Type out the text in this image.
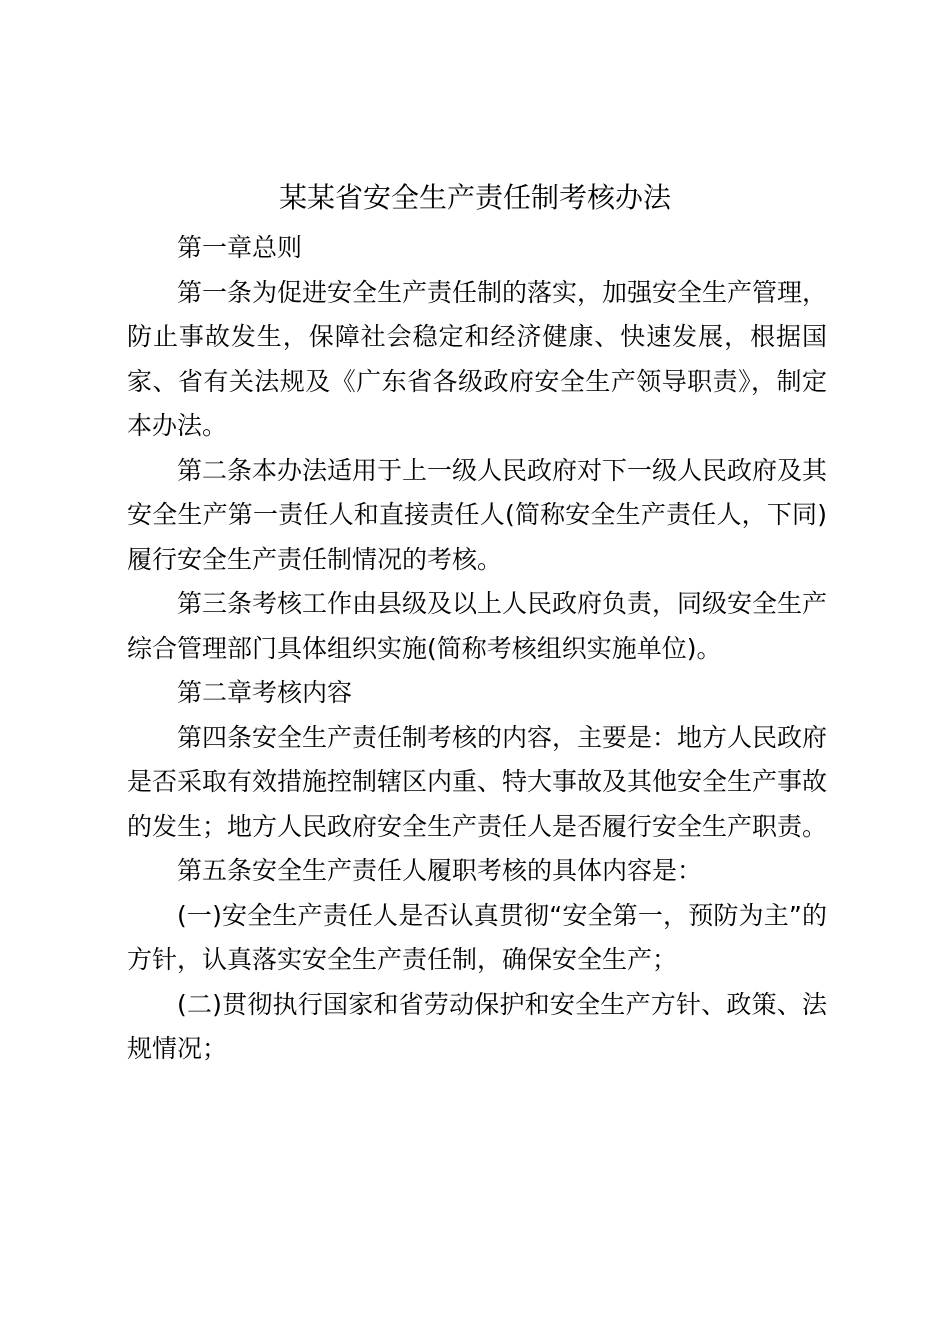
某某省安全生产责任制考核办法

第一章总则

第一条为促进安全生产责任制的落实，加强安全生产管理，防止事故发生，保障社会稳定和经济健康、快速发展，根据国家、省有关法规及《广东省各级政府安全生产领导职责》，制定本办法。

第二条本办法适用于上一级人民政府对下一级人民政府及其安全生产第一责任人和直接责任人(简称安全生产责任人，下同)履行安全生产责任制情况的考核。

第三条考核工作由县级及以上人民政府负责，同级安全生产综合管理部门具体组织实施(简称考核组织实施单位)。

第二章考核内容

第四条安全生产责任制考核的内容，主要是：地方人民政府是否采取有效措施控制辖区内重、特大事故及其他安全生产事故的发生；地方人民政府安全生产责任人是否履行安全生产职责。

第五条安全生产责任人履职考核的具体内容是：

(一)安全生产责任人是否认真贯彻“安全第一，预防为主”的方针，认真落实安全生产责任制，确保安全生产；

(二)贯彻执行国家和省劳动保护和安全生产方针、政策、法规情况；
